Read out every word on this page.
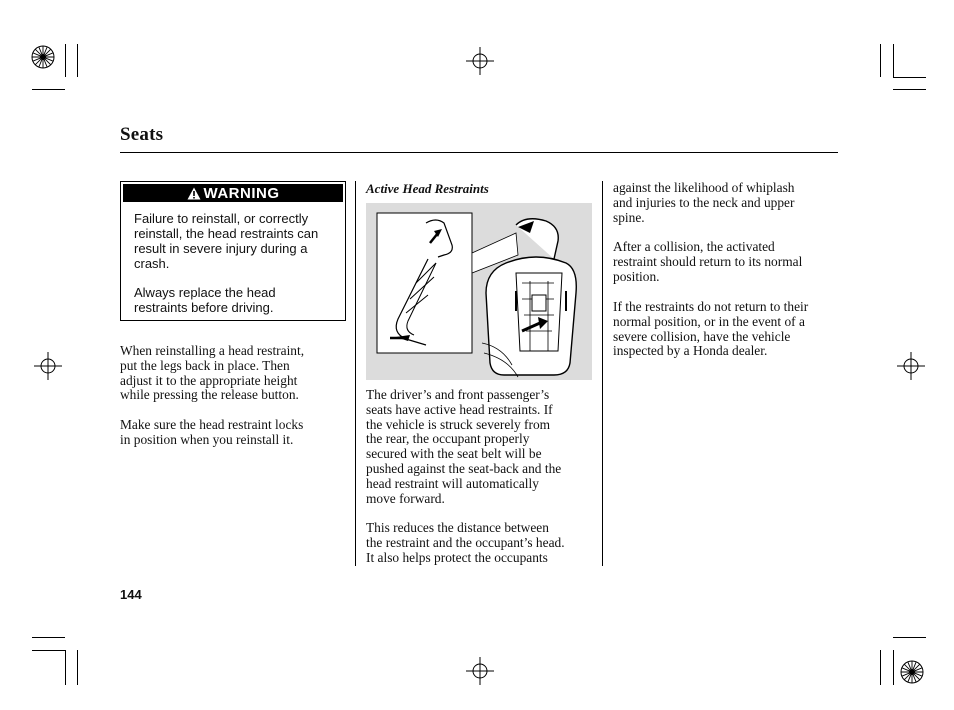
Seats
WARNING
Failure to reinstall, or correctly
reinstall, the head restraints can
result in severe injury during a
crash.
Always replace the head
restraints before driving.
When reinstalling a head restraint,
put the legs back in place. Then
adjust it to the appropriate height
while pressing the release button.
Make sure the head restraint locks
in position when you reinstall it.
Active Head Restraints
The driver’s and front passenger’s
seats have active head restraints. If
the vehicle is struck severely from
the rear, the occupant properly
secured with the seat belt will be
pushed against the seat-back and the
head restraint will automatically
move forward.
This reduces the distance between
the restraint and the occupant’s head.
It also helps protect the occupants
against the likelihood of whiplash
and injuries to the neck and upper
spine.
After a collision, the activated
restraint should return to its normal
position.
If the restraints do not return to their
normal position, or in the event of a
severe collision, have the vehicle
inspected by a Honda dealer.
144
